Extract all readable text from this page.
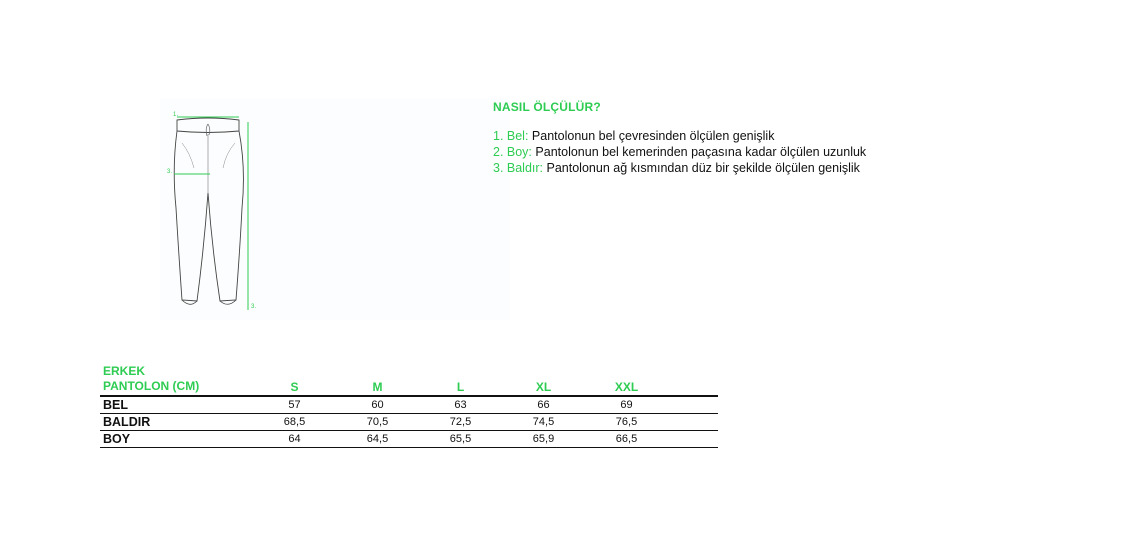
1.
3.
3.
NASIL ÖLÇÜLÜR?
1. Bel: Pantolonun bel çevresinden ölçülen genişlik
2. Boy: Pantolonun bel kemerinden paçasına kadar ölçülen uzunluk
3. Baldır: Pantolonun ağ kısmından düz bir şekilde ölçülen genişlik
ERKEK
PANTOLON (CM)	S	M	L	XL	XXL	
BEL	57	60	63	66	69	
BALDIR	68,5	70,5	72,5	74,5	76,5	
BOY	64	64,5	65,5	65,9	66,5	
